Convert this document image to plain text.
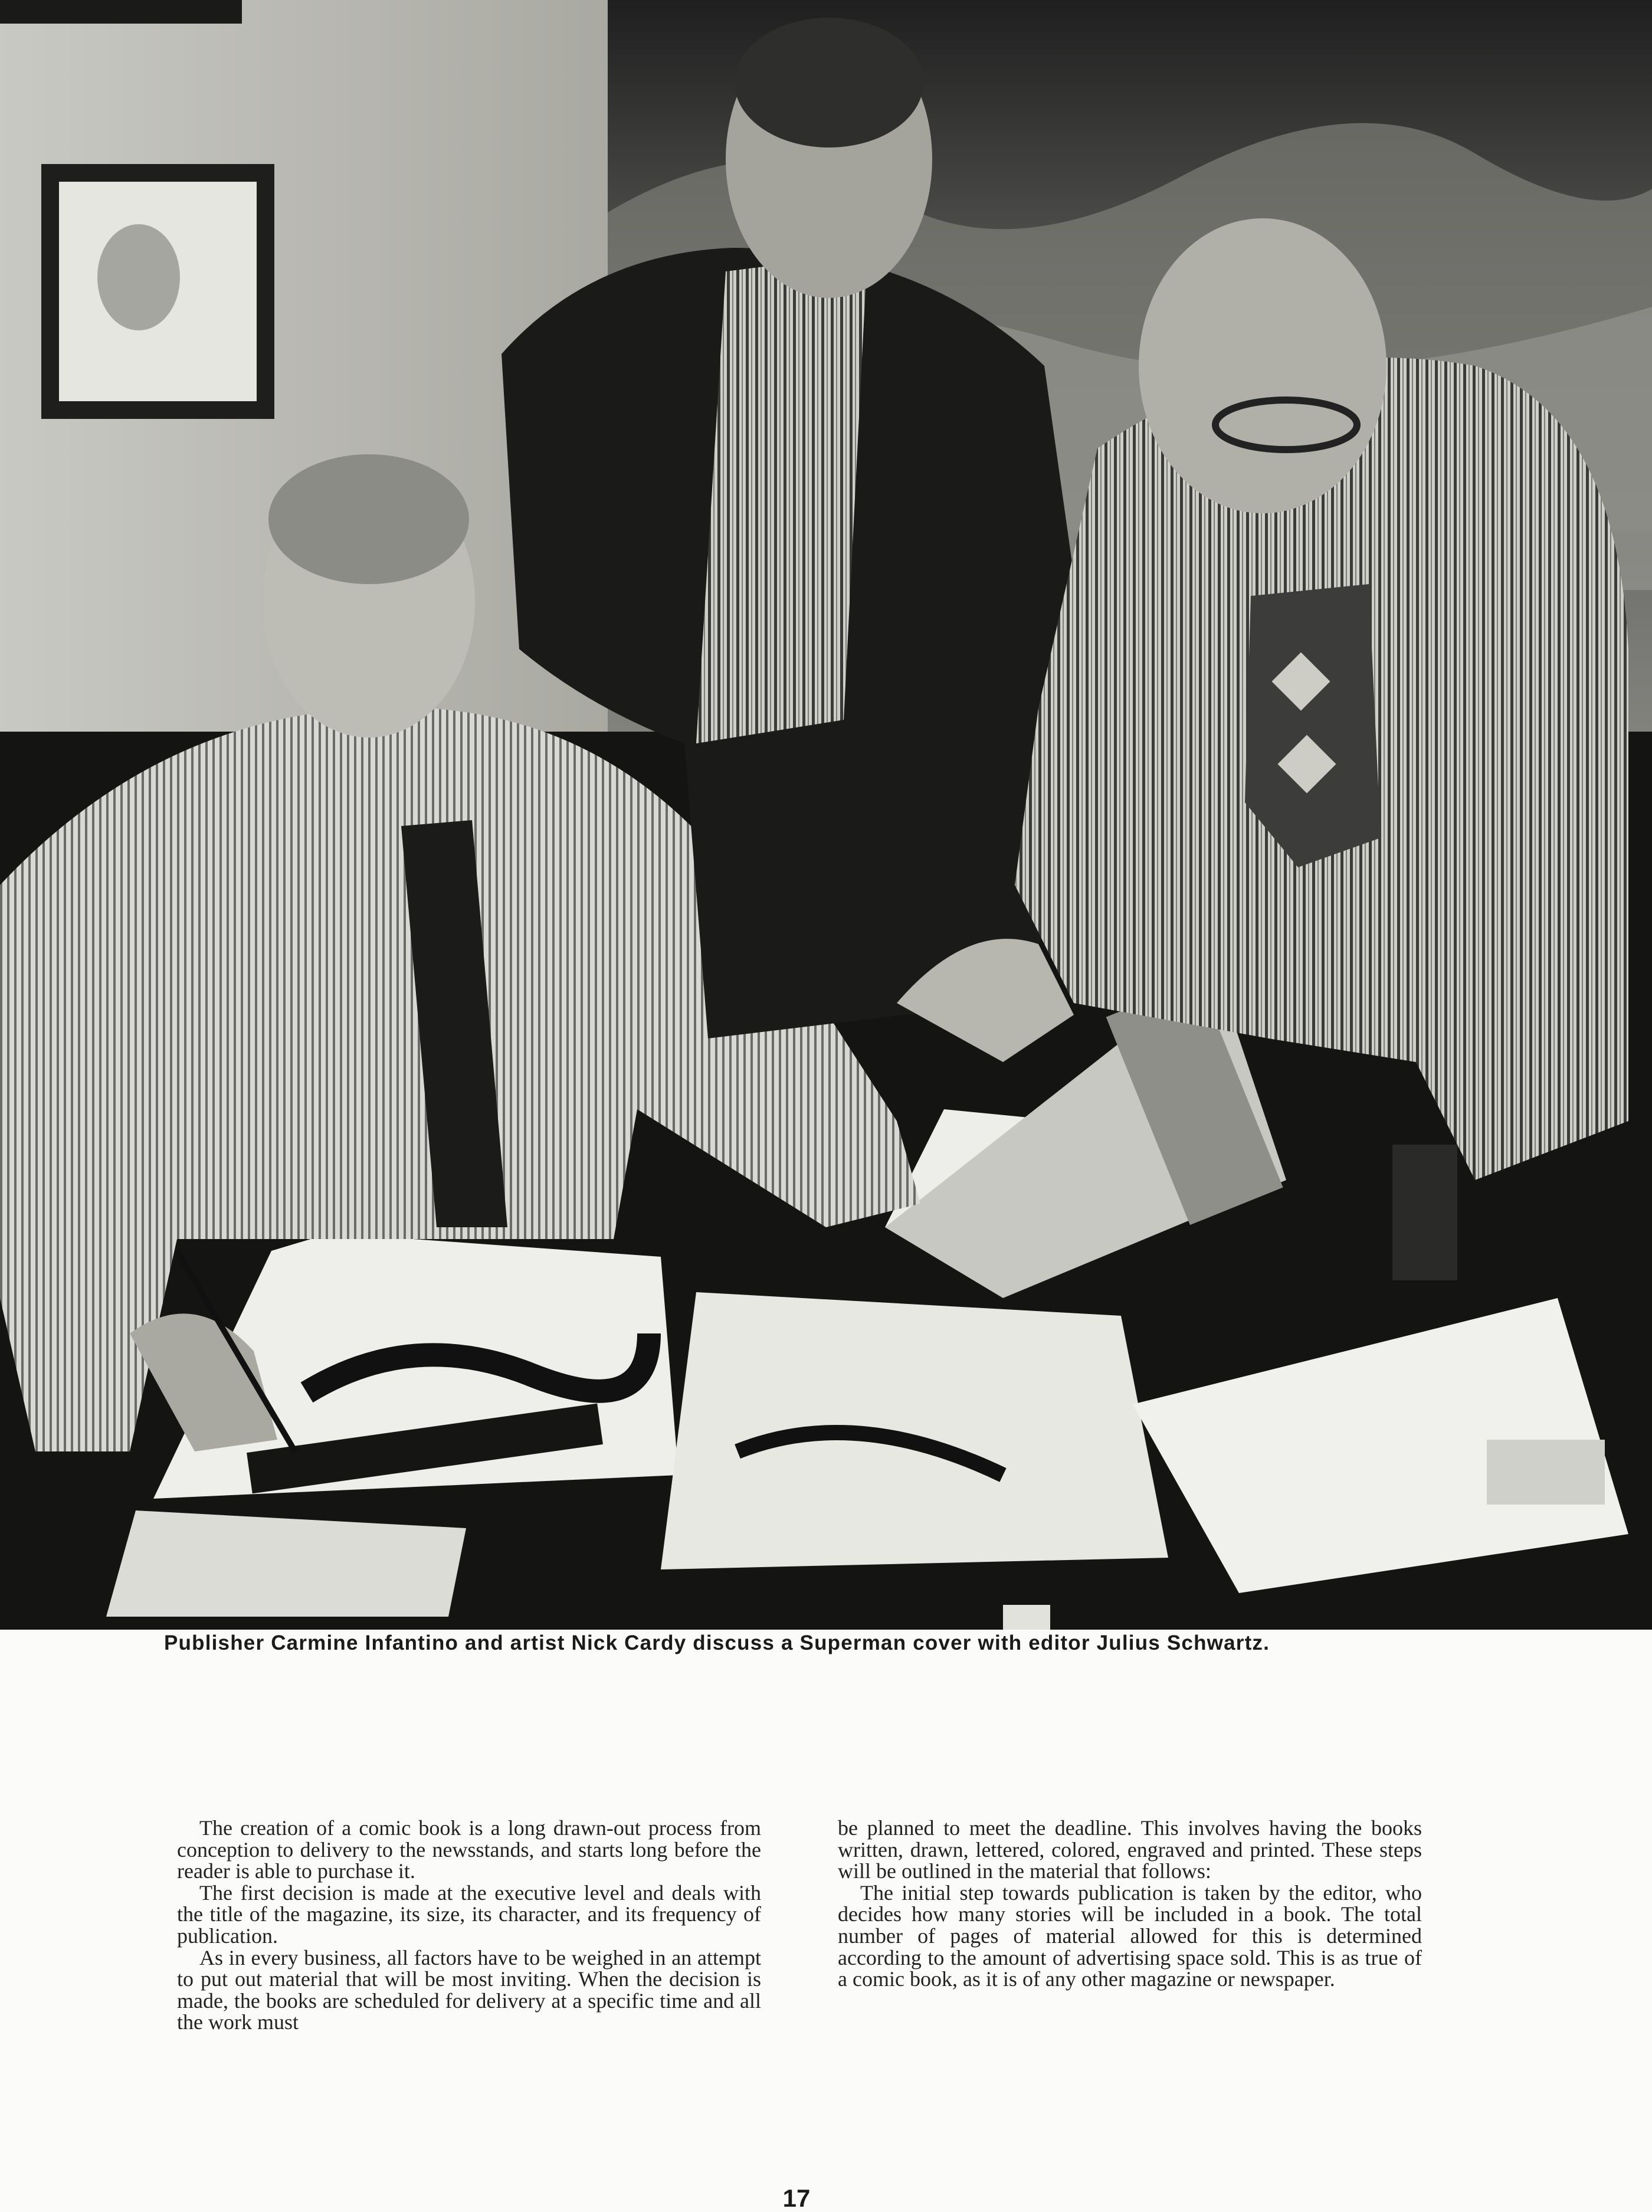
Publisher Carmine Infantino and artist Nick Cardy discuss a Superman cover with editor Julius Schwartz.

The creation of a comic book is a long drawn-out process from conception to delivery to the newsstands, and starts long before the reader is able to purchase it.

The first decision is made at the executive level and deals with the title of the magazine, its size, its character, and its frequency of publication.

As in every business, all factors have to be weighed in an attempt to put out material that will be most inviting. When the decision is made, the books are scheduled for delivery at a specific time and all the work must

be planned to meet the deadline. This involves having the books written, drawn, lettered, colored, engraved and printed. These steps will be outlined in the material that follows:

The initial step towards publication is taken by the editor, who decides how many stories will be included in a book. The total number of pages of material allowed for this is determined according to the amount of advertising space sold. This is as true of a comic book, as it is of any other magazine or newspaper.

17
